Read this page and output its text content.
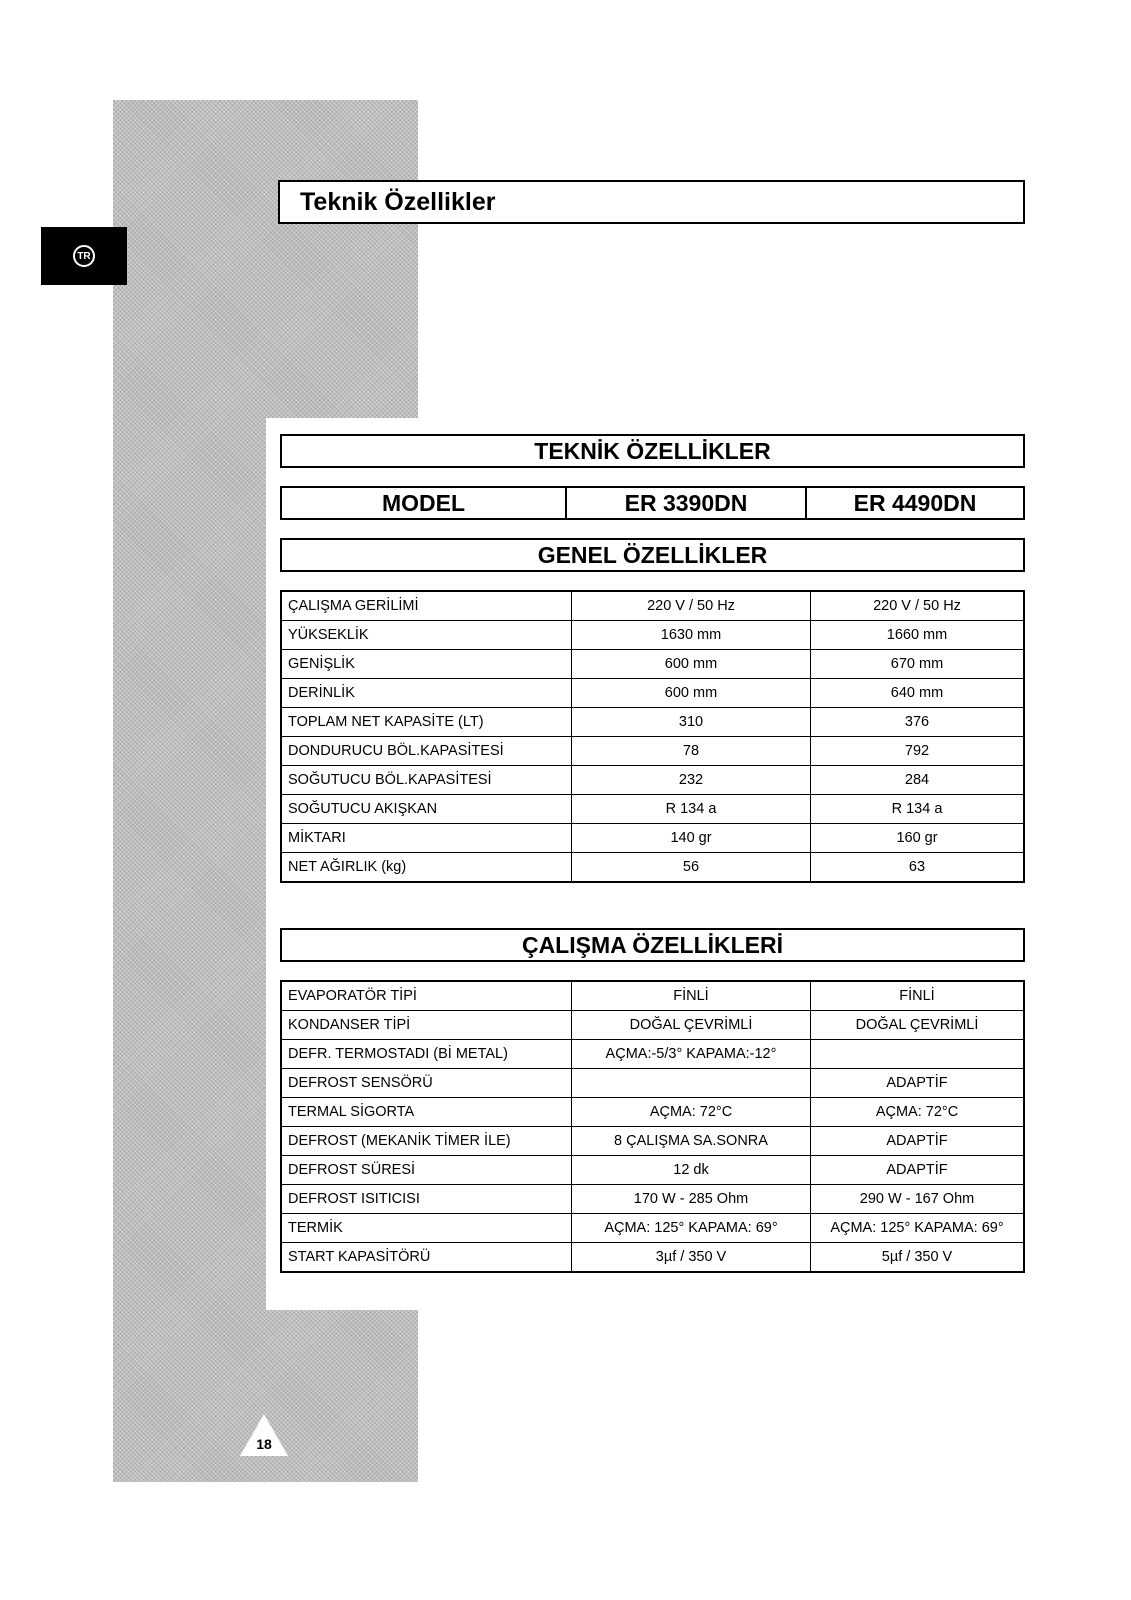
TR
Teknik Özellikler
TEKNİK ÖZELLİKLER
MODEL	ER 3390DN	ER 4490DN
GENEL ÖZELLİKLER
ÇALIŞMA GERİLİMİ	220 V / 50 Hz	220 V / 50 Hz
YÜKSEKLİK	1630 mm	1660 mm
GENİŞLİK	600 mm	670 mm
DERİNLİK	600 mm	640 mm
TOPLAM NET KAPASİTE (LT)	310	376
DONDURUCU BÖL.KAPASİTESİ	78	792
SOĞUTUCU BÖL.KAPASİTESİ	232	284
SOĞUTUCU AKIŞKAN	R 134 a	R 134 a
MİKTARI	140 gr	160 gr
NET AĞIRLIK (kg)	56	63
ÇALIŞMA ÖZELLİKLERİ
EVAPORATÖR TİPİ	FİNLİ	FİNLİ
KONDANSER TİPİ	DOĞAL ÇEVRİMLİ	DOĞAL ÇEVRİMLİ
DEFR. TERMOSTADI (Bİ METAL)	AÇMA:-5/3° KAPAMA:-12°	
DEFROST SENSÖRÜ		ADAPTİF
TERMAL SİGORTA	AÇMA: 72°C	AÇMA: 72°C
DEFROST (MEKANİK TİMER İLE)	8 ÇALIŞMA SA.SONRA	ADAPTİF
DEFROST SÜRESİ	12 dk	ADAPTİF
DEFROST ISITICISI	170 W - 285 Ohm	290 W - 167 Ohm
TERMİK	AÇMA: 125° KAPAMA: 69°	AÇMA: 125° KAPAMA: 69°
START KAPASİTÖRÜ	3µf / 350 V	5µf / 350 V
18
